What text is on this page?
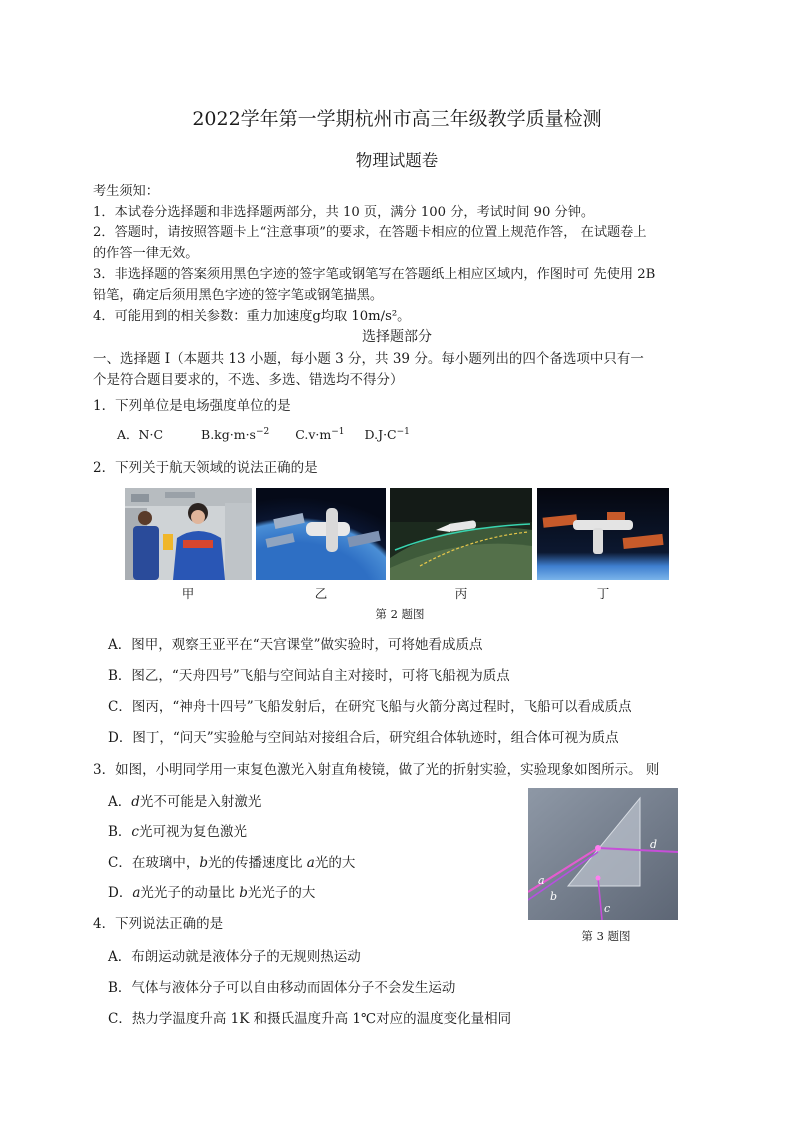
2022学年第一学期杭州市高三年级教学质量检测
物理试题卷
考生须知：
1．本试卷分选择题和非选择题两部分，共 10 页，满分 100 分，考试时间 90 分钟。
2．答题时，请按照答题卡上“注意事项”的要求，在答题卡相应的位置上规范作答， 在试题卷上
的作答一律无效。
3．非选择题的答案须用黑色字迹的签字笔或钢笔写在答题纸上相应区域内，作图时可 先使用 2B
铅笔，确定后须用黑色字迹的签字笔或钢笔描黑。
4．可能用到的相关参数：重力加速度g均取 10m/s²。
选择题部分
一、选择题 Ⅰ（本题共 13 小题，每小题 3 分，共 39 分。每小题列出的四个备选项中只有一
个是符合题目要求的，不选、多选、错选均不得分）
1．下列单位是电场强度单位的是
A．N·C	$B.kg\cdot m\cdot s^{-2}$ $C.v\cdot m^{-1}$ $D.J\cdot C^{-1}$
2．下列关于航天领域的说法正确的是
甲	乙	丙	丁
第 2 题图
A．图甲，观察王亚平在“天宫课堂”做实验时，可将她看成质点
B．图乙，“天舟四号”飞船与空间站自主对接时，可将飞船视为质点
C．图丙，“神舟十四号”飞船发射后，在研究飞船与火箭分离过程时，飞船可以看成质点
D．图丁，“问天”实验舱与空间站对接组合后，研究组合体轨迹时，组合体可视为质点
3．如图，小明同学用一束复色激光入射直角棱镜，做了光的折射实验，实验现象如图所示。 则
A．d光不可能是入射激光
B．c光可视为复色激光
C．在玻璃中，b光的传播速度比 a光的大
D．a光光子的动量比 b光光子的大
a
b
c
d
第 3 题图
4．下列说法正确的是
A．布朗运动就是液体分子的无规则热运动
B．气体与液体分子可以自由移动而固体分子不会发生运动
C．热力学温度升高 1K 和摄氏温度升高 1℃对应的温度变化量相同
